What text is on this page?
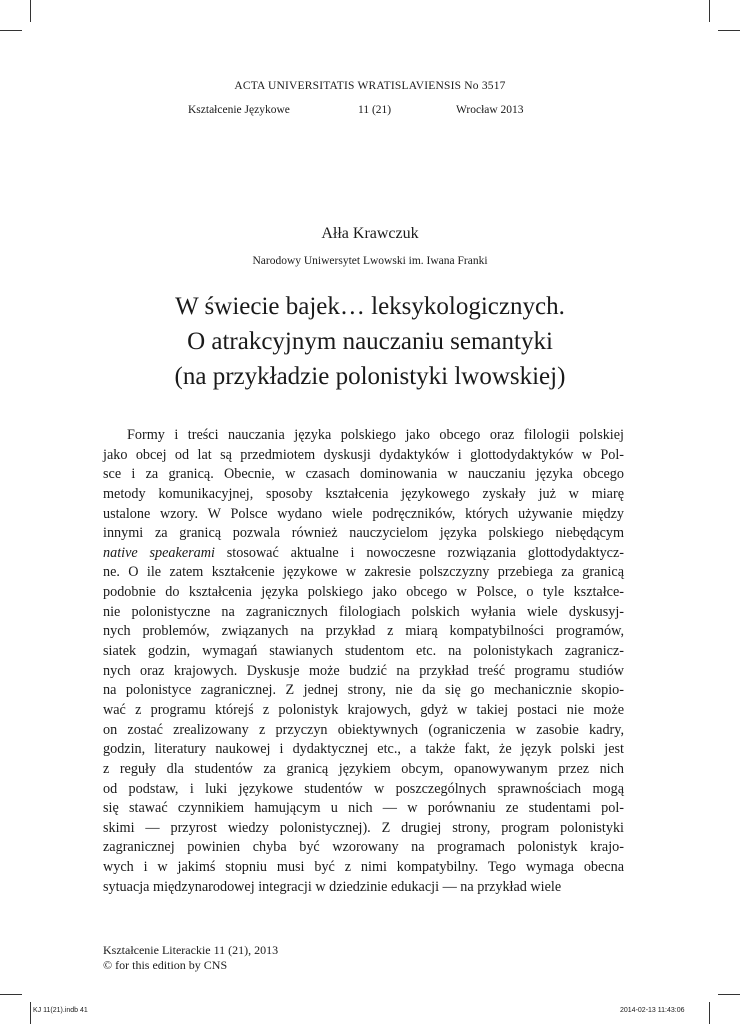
ACTA UNIVERSITATIS WRATISLAVIENSIS No 3517
Kształcenie Językowe	11 (21)	Wrocław 2013
Ałła Krawczuk
Narodowy Uniwersytet Lwowski im. Iwana Franki
W świecie bajek… leksykologicznych.
O atrakcyjnym nauczaniu semantyki
(na przykładzie polonistyki lwowskiej)
Formy i treści nauczania języka polskiego jako obcego oraz filologii polskiej
jako obcej od lat są przedmiotem dyskusji dydaktyków i glottodydaktyków w Pol-
sce i za granicą. Obecnie, w czasach dominowania w nauczaniu języka obcego
metody komunikacyjnej, sposoby kształcenia językowego zyskały już w miarę
ustalone wzory. W Polsce wydano wiele podręczników, których używanie między
innymi za granicą pozwala również nauczycielom języka polskiego niebędącym
native speakerami stosować aktualne i nowoczesne rozwiązania glottodydaktycz-
ne. O ile zatem kształcenie językowe w zakresie polszczyzny przebiega za granicą
podobnie do kształcenia języka polskiego jako obcego w Polsce, o tyle kształce-
nie polonistyczne na zagranicznych filologiach polskich wyłania wiele dyskusyj-
nych problemów, związanych na przykład z miarą kompatybilności programów,
siatek godzin, wymagań stawianych studentom etc. na polonistykach zagranicz-
nych oraz krajowych. Dyskusje może budzić na przykład treść programu studiów
na polonistyce zagranicznej. Z jednej strony, nie da się go mechanicznie skopio-
wać z programu którejś z polonistyk krajowych, gdyż w takiej postaci nie może
on zostać zrealizowany z przyczyn obiektywnych (ograniczenia w zasobie kadry,
godzin, literatury naukowej i dydaktycznej etc., a także fakt, że język polski jest
z reguły dla studentów za granicą językiem obcym, opanowywanym przez nich
od podstaw, i luki językowe studentów w poszczególnych sprawnościach mogą
się stawać czynnikiem hamującym u nich — w porównaniu ze studentami pol-
skimi — przyrost wiedzy polonistycznej). Z drugiej strony, program polonistyki
zagranicznej powinien chyba być wzorowany na programach polonistyk krajo-
wych i w jakimś stopniu musi być z nimi kompatybilny. Tego wymaga obecna
sytuacja międzynarodowej integracji w dziedzinie edukacji — na przykład wiele
Kształcenie Literackie 11 (21), 2013
© for this edition by CNS
KJ 11(21).indb 41	2014-02-13 11:43:06
